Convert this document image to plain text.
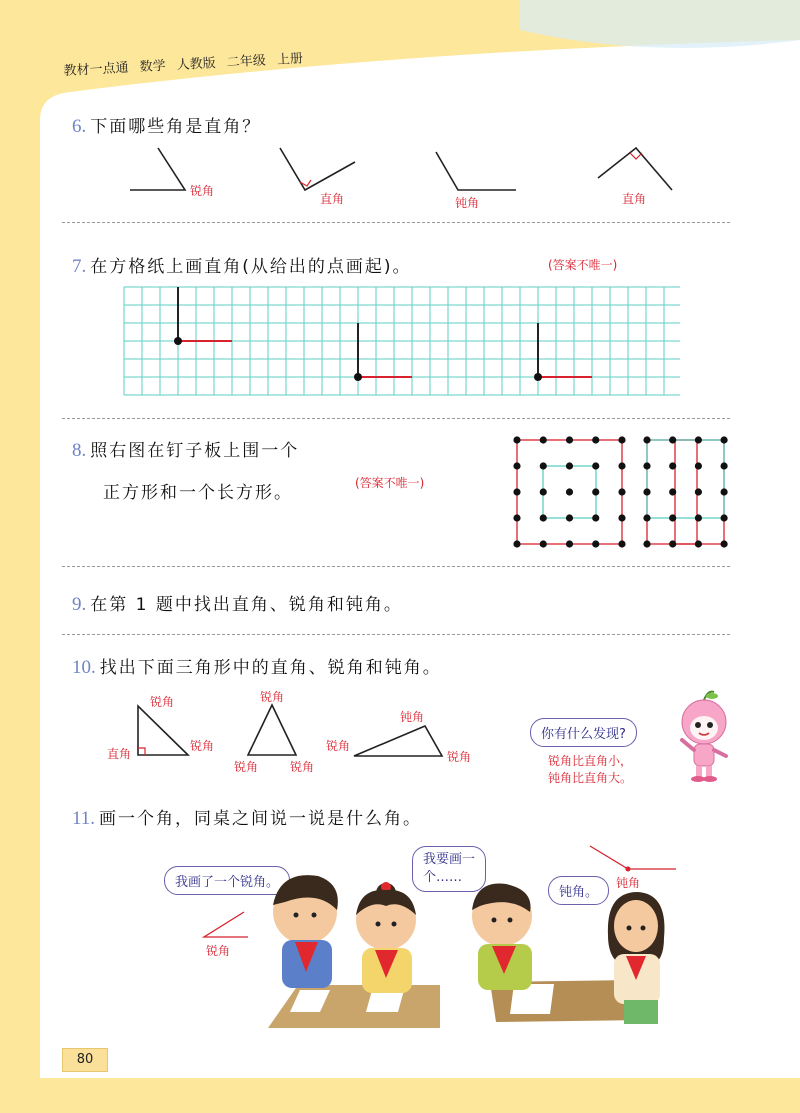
教材一点通 数学 人教版 二年级 上册
6. 下面哪些角是直角？
锐角
直角	钝角	直角
7. 在方格纸上画直角(从给出的点画起)。	(答案不唯一)
8. 照右图在钉子板上围一个
正方形和一个长方形。	(答案不唯一)
9. 在第 1 题中找出直角、锐角和钝角。
10. 找出下面三角形中的直角、锐角和钝角。
锐角
直角
锐角
锐角
锐角	锐角
钝角
锐角
锐角
你有什么发现?
锐角比直角小，
钝角比直角大。
11. 画一个角，同桌之间说一说是什么角。
我画了一个锐角。
我要画一
个……
钝角。
锐角
钝角
80
